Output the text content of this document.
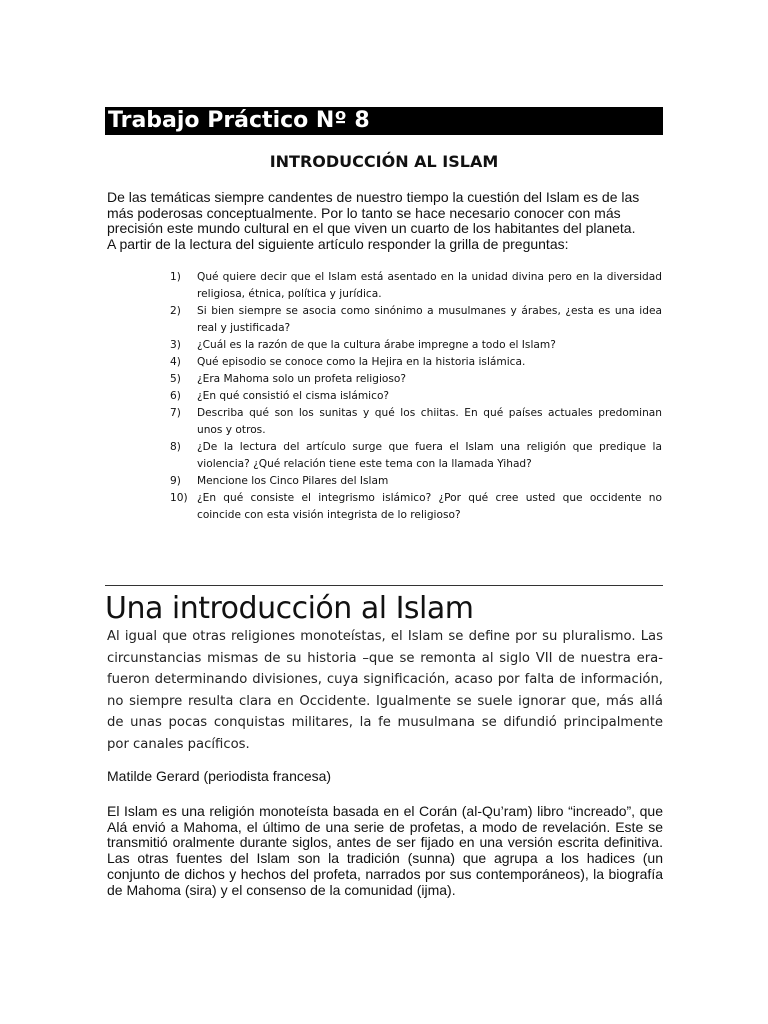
Trabajo Práctico Nº 8
INTRODUCCIÓN AL ISLAM

De las temáticas siempre candentes de nuestro tiempo la cuestión del Islam es de las más poderosas conceptualmente. Por lo tanto se hace necesario conocer con más precisión este mundo cultural en el que viven un cuarto de los habitantes del planeta.

A partir de la lectura del siguiente artículo responder la grilla de preguntas:

1)	Qué quiere decir que el Islam está asentado en la unidad divina pero en la diversidad religiosa, étnica, política y jurídica.
2)	Si bien siempre se asocia como sinónimo a musulmanes y árabes, ¿esta es una idea real y justificada?
3)	¿Cuál es la razón de que la cultura árabe impregne a todo el Islam?
4)	Qué episodio se conoce como la Hejira en la historia islámica.
5)	¿Era Mahoma solo un profeta religioso?
6)	¿En qué consistió el cisma islámico?
7)	Describa qué son los sunitas y qué los chiitas. En qué países actuales predominan unos y otros.
8)	¿De la lectura del artículo surge que fuera el Islam una religión que predique la violencia? ¿Qué relación tiene este tema con la llamada Yihad?
9)	Mencione los Cinco Pilares del Islam
10) ¿En qué consiste el integrismo islámico? ¿Por qué cree usted que occidente no coincide con esta visión integrista de lo religioso?
Una introducción al Islam
Al igual que otras religiones monoteístas, el Islam se define por su pluralismo. Las circunstancias mismas de su historia –que se remonta al siglo VII de nuestra era- fueron determinando divisiones, cuya significación, acaso por falta de información, no siempre resulta clara en Occidente. Igualmente se suele ignorar que, más allá de unas pocas conquistas militares, la fe musulmana se difundió principalmente por canales pacíficos.
Matilde Gerard (periodista francesa)
El Islam es una religión monoteísta basada en el Corán (al-Qu’ram) libro “increado”, que Alá envió a Mahoma, el último de una serie de profetas, a modo de revelación. Este se transmitió oralmente durante siglos, antes de ser fijado en una versión escrita definitiva. Las otras fuentes del Islam son la tradición (sunna) que agrupa a los hadices (un conjunto de dichos y hechos del profeta, narrados por sus contemporáneos), la biografía de Mahoma (sira) y el consenso de la comunidad (ijma).
